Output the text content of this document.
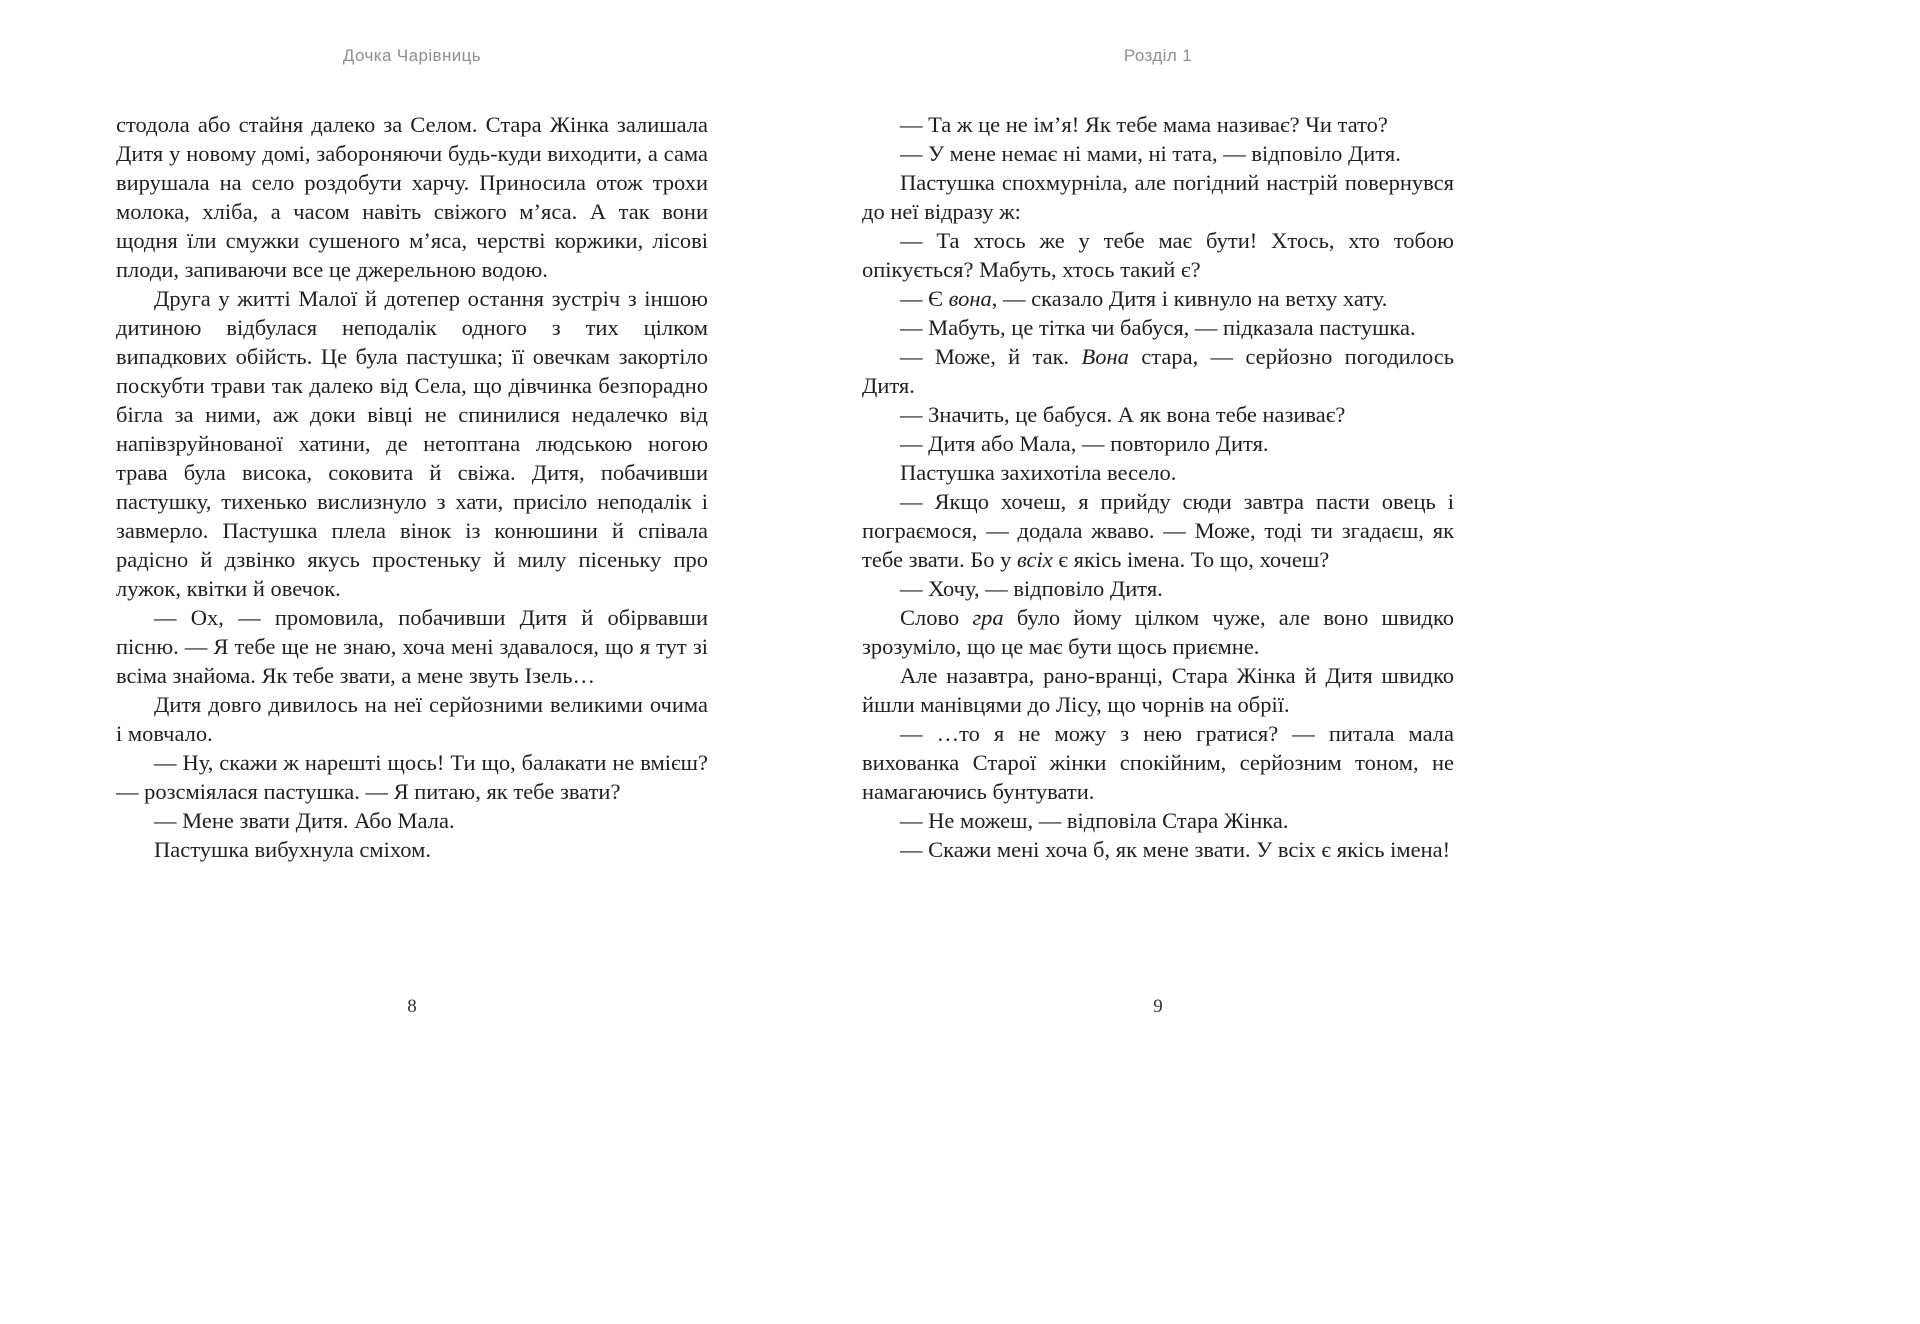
Дочка Чарівниць

стодола або стайня далеко за Селом. Стара Жінка залишала Дитя у новому домі, забороняючи будь-куди виходити, а сама вирушала на село роздобути харчу. Приносила отож трохи молока, хліба, а часом навіть свіжого м’яса. А так вони щодня їли смужки сушеного м’яса, черстві коржики, лісові плоди, запиваючи все це джерельною водою.

Друга у житті Малої й дотепер остання зустріч з іншою дитиною відбулася неподалік одного з тих цілком випадкових обійсть. Це була пастушка; її овечкам закортіло поскубти трави так далеко від Села, що дівчинка безпорадно бігла за ними, аж доки вівці не спинилися недалечко від напівзруйнованої хатини, де нетоптана людською ногою трава була висока, соковита й свіжа. Дитя, побачивши пастушку, тихенько вислизнуло з хати, присіло неподалік і завмерло. Пастушка плела вінок із конюшини й співала радісно й дзвінко якусь простеньку й милу пісеньку про лужок, квітки й овечок.

— Ох, — промовила, побачивши Дитя й обірвавши пісню. — Я тебе ще не знаю, хоча мені здавалося, що я тут зі всіма знайома. Як тебе звати, а мене звуть Ізель…

Дитя довго дивилось на неї серйозними великими очима і мовчало.

— Ну, скажи ж нарешті щось! Ти що, балакати не вмієш? — розсміялася пастушка. — Я питаю, як тебе звати?

— Мене звати Дитя. Або Мала.

Пастушка вибухнула сміхом.

8
Розділ 1

— Та ж це не ім’я! Як тебе мама називає? Чи тато?

— У мене немає ні мами, ні тата, — відповіло Дитя.

Пастушка спохмурніла, але погідний настрій повернувся до неї відразу ж:

— Та хтось же у тебе має бути! Хтось, хто тобою опікується? Мабуть, хтось такий є?

— Є вона, — сказало Дитя і кивнуло на ветху хату.

— Мабуть, це тітка чи бабуся, — підказала пастушка.

— Може, й так. Вона стара, — серйозно погодилось Дитя.

— Значить, це бабуся. А як вона тебе називає?

— Дитя або Мала, — повторило Дитя.

Пастушка захихотіла весело.

— Якщо хочеш, я прийду сюди завтра пасти овець і пограємося, — додала жваво. — Може, тоді ти згадаєш, як тебе звати. Бо у всіх є якісь імена. То що, хочеш?

— Хочу, — відповіло Дитя.

Слово гра було йому цілком чуже, але воно швидко зрозуміло, що це має бути щось приємне.

Але назавтра, рано-вранці, Стара Жінка й Дитя швидко йшли манівцями до Лісу, що чорнів на обрії.

— …то я не можу з нею гратися? — питала мала вихованка Старої жінки спокійним, серйозним тоном, не намагаючись бунтувати.

— Не можеш, — відповіла Стара Жінка.

— Скажи мені хоча б, як мене звати. У всіх є якісь імена!

9
